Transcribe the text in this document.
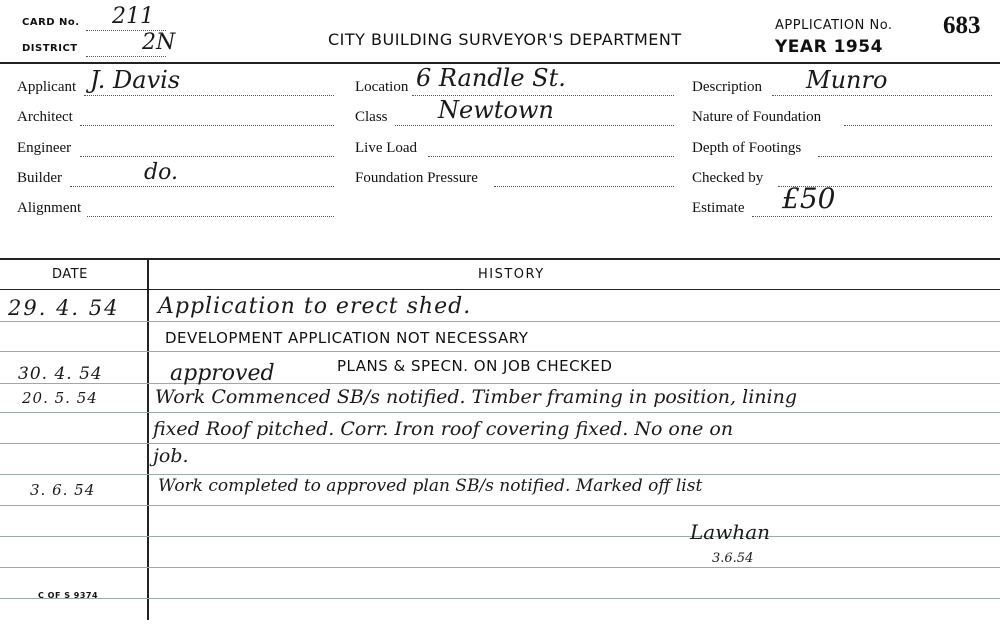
CARD No. 211
DISTRICT	2N	CITY BUILDING SURVEYOR'S DEPARTMENT
APPLICATION No. 683
YEAR 1954
Applicant J. Davis
Architect
Engineer
Builder	do.
Alignment
Location 6 Randle St.
Class Newtown
Live Load
Foundation Pressure
Description Munro
Nature of Foundation
Depth of Footings
Checked by
Estimate £50
DATE	HISTORY
29. 4. 54 Application to erect shed.
DEVELOPMENT APPLICATION NOT NECESSARY
30. 4. 54	approved	PLANS & SPECN. ON JOB CHECKED
20. 5. 54	Work Commenced SB/s notified. Timber framing in position, lining
fixed Roof pitched. Corr. Iron roof covering fixed. No one on
job.
3. 6. 54	Work completed to approved plan SB/s notified. Marked off list
Lawhan
3.6.54
C OF S 9374
